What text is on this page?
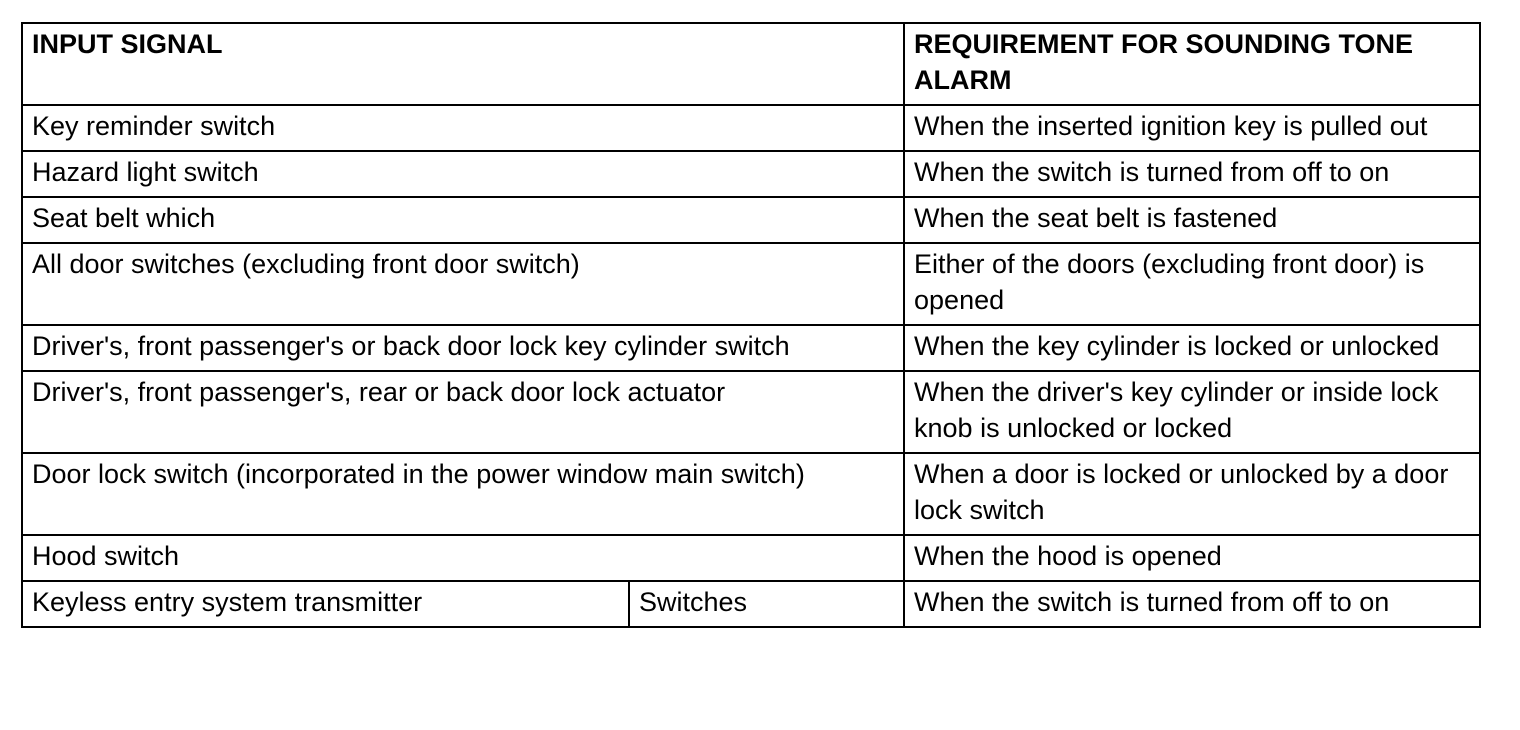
INPUT SIGNAL		REQUIREMENT FOR SOUNDING TONE ALARM
Key reminder switch		When the inserted ignition key is pulled out
Hazard light switch		When the switch is turned from off to on
Seat belt which		When the seat belt is fastened
All door switches (excluding front door switch)		Either of the doors (excluding front door) is opened
Driver's, front passenger's or back door lock key cylinder switch		When the key cylinder is locked or unlocked
Driver's, front passenger's, rear or back door lock actuator		When the driver's key cylinder or inside lock knob is unlocked or locked
Door lock switch (incorporated in the power window main switch)		When a door is locked or unlocked by a door lock switch
Hood switch		When the hood is opened
Keyless entry system transmitter	Switches	When the switch is turned from off to on
